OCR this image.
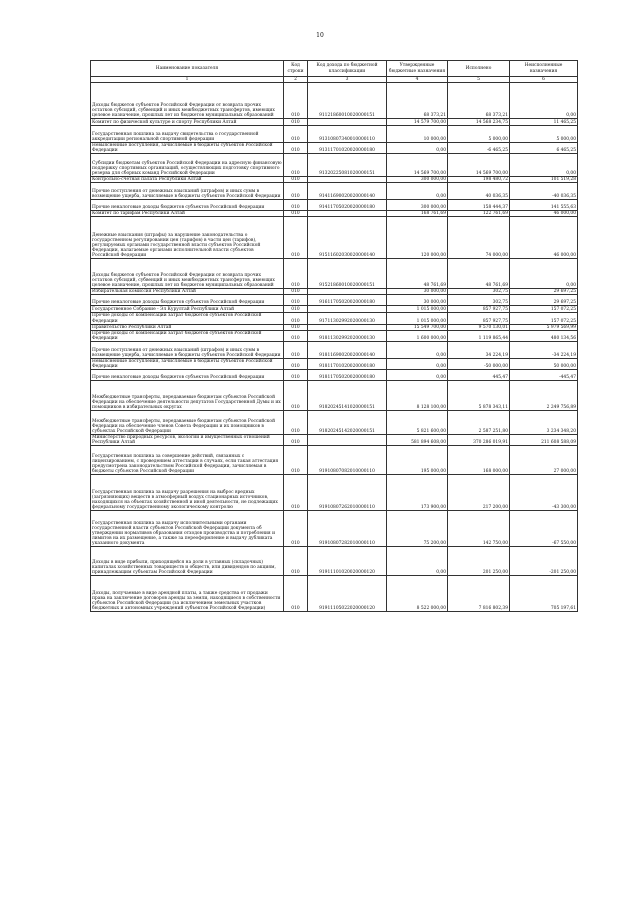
10
Наименование показателя	Код строки	Код дохода по бюджетной классификации	Утвержденные бюджетные назначения	Исполнено	Неисполненные назначения
1	2	3	4	5	6
Доходы бюджетов субъектов Российской Федерации от возврата прочих остатков субсидий, субвенций и иных межбюджетных трансфертов, имеющих целевое назначение, прошлых лет из бюджетов муниципальных образований	010	91121860010020000151	68 373,21	68 373,21	0,00
Комитет по физической культуре и спорту Республики Алтай	010		14 579 700,00	14 568 234,75	11 465,25
Государственная пошлина за выдачу свидетельства о государственной аккредитации региональной спортивной федерации	010	91310807340010000110	10 000,00	5 000,00	5 000,00
Невыясненные поступления, зачисляемые в бюджеты субъектов Российской Федерации	010	91311701020020000180	0,00	-6 465,25	6 465,25
Субсидии бюджетам субъектов Российской Федерации на адресную финансовую поддержку спортивных организаций, осуществляющих подготовку спортивного резерва для сборных команд Российской Федерации	010	91320225081020000151	14 569 700,00	14 569 700,00	0,00
Контрольно-счетная палата Республики Алтай	010		300 000,00	198 480,72	101 519,28
Прочие поступления от денежных взысканий (штрафов) и иных сумм в возмещение ущерба, зачисляемые в бюджеты субъектов Российской Федерации	010	91411690020020000140	0,00	40 036,35	-40 036,35
Прочие неналоговые доходы бюджетов субъектов Российской Федерации	010	91411705020020000180	300 000,00	158 444,37	141 555,63
Комитет по тарифам Республики Алтай	010		168 761,69	122 761,69	46 000,00
Денежные взыскания (штрафы) за нарушение законодательства о государственном регулировании цен (тарифов) в части цен (тарифов), регулируемых органами государственной власти субъектов Российской Федерации, налагаемые органами исполнительной власти субъектов Российской Федерации	010	91511602030020000140	120 000,00	74 000,00	46 000,00
Доходы бюджетов субъектов Российской Федерации от возврата прочих остатков субсидий, субвенций и иных межбюджетных трансфертов, имеющих целевое назначение, прошлых лет из бюджетов муниципальных образований	010	91521860010020000151	48 761,69	48 761,69	0,00
Избирательная комиссия Республики Алтай	010		30 000,00	302,75	29 697,25
Прочие неналоговые доходы бюджетов субъектов Российской Федерации	010	91611705020020000180	30 000,00	302,75	29 697,25
Государственное Собрание - Эл Курултай Республики Алтай	010		1 015 000,00	857 927,75	157 072,25
Прочие доходы от компенсации затрат бюджетов субъектов Российской Федерации	010	91711302992020000130	1 015 000,00	857 927,75	157 072,25
Правительство Республики Алтай	010		15 549 700,00	9 570 130,01	5 979 569,99
Прочие доходы от компенсации затрат бюджетов субъектов Российской Федерации	010	91811302992020000130	1 600 000,00	1 119 865,44	480 134,56
Прочие поступления от денежных взысканий (штрафов) и иных сумм в возмещение ущерба, зачисляемые в бюджеты субъектов Российской Федерации	010	91811690020020000140	0,00	34 224,19	-34 224,19
Невыясненные поступления, зачисляемые в бюджеты субъектов Российской Федерации	010	91811701020020000180	0,00	-50 000,00	50 000,00
Прочие неналоговые доходы бюджетов субъектов Российской Федерации	010	91811705020020000180	0,00	445,47	-445,47
Межбюджетные трансферты, передаваемые бюджетам субъектов Российской Федерации на обеспечение деятельности депутатов Государственной Думы и их помощников в избирательных округах	010	91820245141020000151	8 128 100,00	5 878 343,11	2 249 756,89
Межбюджетные трансферты, передаваемые бюджетам субъектов Российской Федерации на обеспечение членов Совета Федерации и их помощников в субъектах Российской Федерации	010	91820245142020000151	5 821 600,00	2 587 251,80	3 234 348,20
Министерство природных ресурсов, экологии и имущественных отношений Республики Алтай	010		581 894 608,00	370 286 019,91	211 608 588,09
Государственная пошлина за совершение действий, связанных с лицензированием, с проведением аттестации в случаях, если такая аттестация предусмотрена законодательством Российской Федерации, зачисляемая в бюджеты субъектов Российской Федерации	010	91910807082010000110	195 000,00	168 000,00	27 000,00
Государственная пошлина за выдачу разрешения на выброс вредных (загрязняющих) веществ в атмосферный воздух стационарных источников, находящихся на объектах хозяйственной и иной деятельности, не подлежащих федеральному государственному экологическому контролю	010	91910807262010000110	173 900,00	217 200,00	-43 300,00
Государственная пошлина за выдачу исполнительными органами государственной власти субъектов Российской Федерации документа об утверждении нормативов образования отходов производства и потребления и лимитов на их размещение, а также за переоформление и выдачу дубликата указанного документа	010	91910807282010000110	75 200,00	142 750,00	-67 550,00
Доходы в виде прибыли, приходящейся на доли в уставных (складочных) капиталах хозяйственных товариществ и обществ, или дивидендов по акциям, принадлежащим субъектам Российской Федерации	010	91911101020020000120	0,00	201 250,00	-201 250,00
Доходы, получаемые в виде арендной платы, а также средства от продажи права на заключение договоров аренды за земли, находящиеся в собственности субъектов Российской Федерации (за исключением земельных участков бюджетных и автономных учреждений субъектов Российской Федерации)	010	91911105022020000120	8 522 000,00	7 816 802,39	705 197,61
